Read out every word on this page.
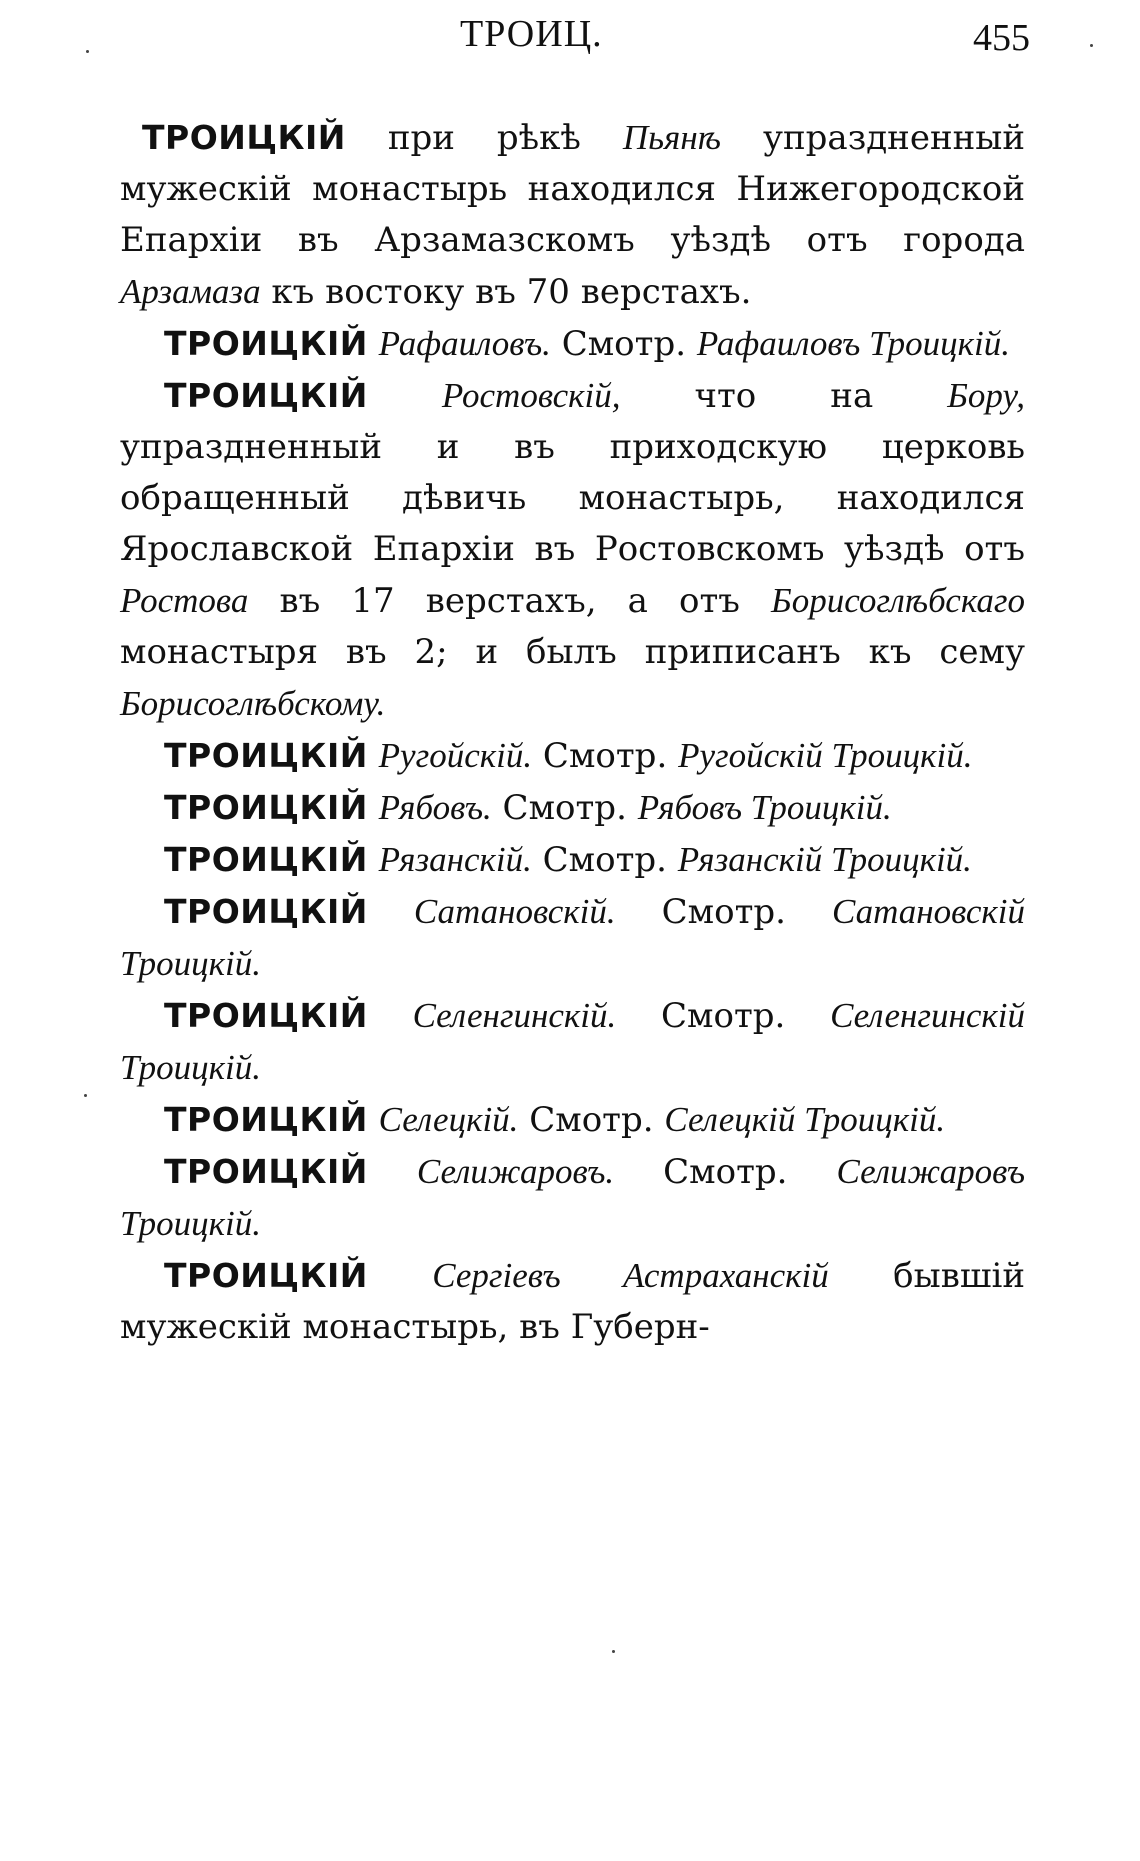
ТРОИЦ.	455

ТРОИЦКІЙ при рѣкѣ Пьянѣ упраздненный мужескій монастырь находился Нижегородской Епархіи въ Арзамазскомъ уѣздѣ отъ города Арзамаза къ востоку въ 70 верстахъ.

ТРОИЦКІЙ Рафаиловъ. Смотр. Рафаиловъ Троицкій.

ТРОИЦКІЙ Ростовскій, что на Бору, упраздненный и въ приходскую церковь обращенный дѣвичь монастырь, находился Ярославской Епархіи въ Ростовскомъ уѣздѣ отъ Ростова въ 17 верстахъ, а отъ Борисоглѣбскаго монастыря въ 2; и былъ приписанъ къ сему Борисоглѣбскому.

ТРОИЦКІЙ Ругойскій. Смотр. Ругойскій Троицкій.

ТРОИЦКІЙ Рябовъ. Смотр. Рябовъ Троицкій.

ТРОИЦКІЙ Рязанскій. Смотр. Рязанскій Троицкій.

ТРОИЦКІЙ Сатановскій. Смотр. Сатановскій Троицкій.

ТРОИЦКІЙ Селенгинскій. Смотр. Селенгинскій Троицкій.

ТРОИЦКІЙ Селецкій. Смотр. Селецкій Троицкій.

ТРОИЦКІЙ Селижаровъ. Смотр. Селижаровъ Троицкій.

ТРОИЦКІЙ Сергіевъ Астраханскій бывшій мужескій монастырь, въ Губерн-
